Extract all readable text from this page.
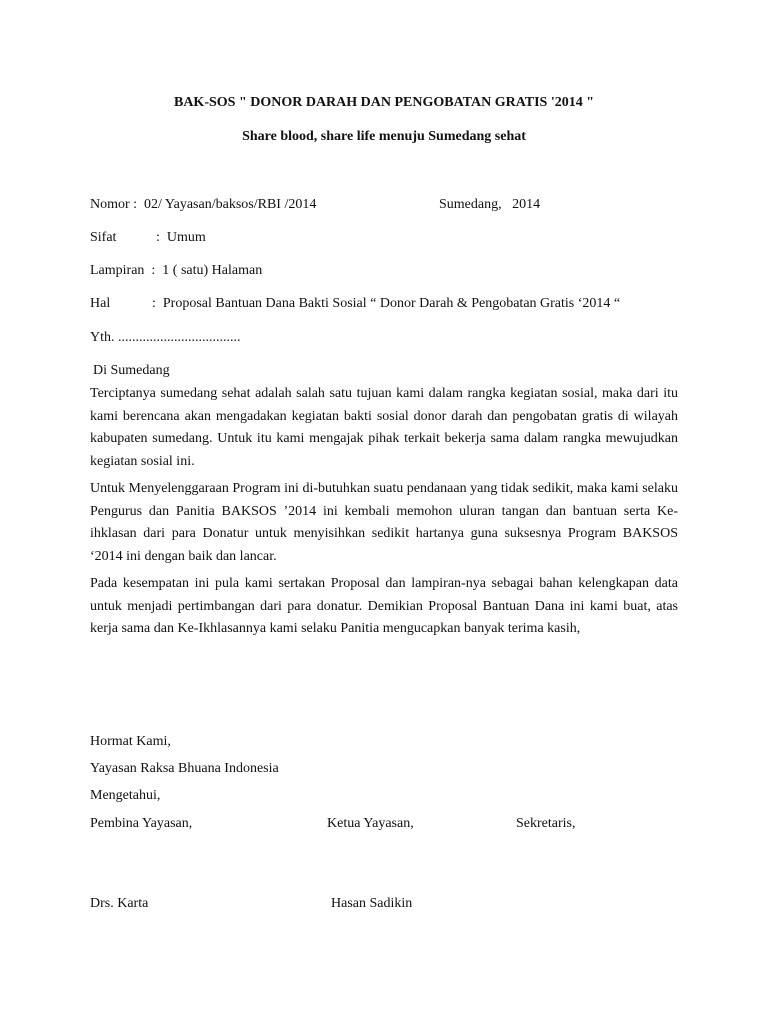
BAK-SOS " DONOR DARAH DAN PENGOBATAN GRATIS '2014 "
Share blood, share life menuju Sumedang sehat
Nomor :  02/ Yayasan/baksos/RBI /2014	Sumedang,   2014
Sifat	:  Umum
Lampiran  :  1 ( satu) Halaman
Hal	:  Proposal Bantuan Dana Bakti Sosial “ Donor Darah & Pengobatan Gratis ‘2014 “
Yth. ...................................
Di Sumedang

Terciptanya sumedang sehat adalah salah satu tujuan kami dalam rangka kegiatan sosial, maka dari itu kami berencana akan mengadakan kegiatan bakti sosial donor darah dan pengobatan gratis di wilayah kabupaten sumedang. Untuk itu kami mengajak pihak terkait bekerja sama dalam rangka mewujudkan kegiatan sosial ini.

Untuk Menyelenggaraan Program ini di-butuhkan suatu pendanaan yang tidak sedikit, maka kami selaku Pengurus dan Panitia BAKSOS ’2014 ini kembali memohon uluran tangan dan bantuan serta Ke-ihklasan dari para Donatur untuk menyisihkan sedikit hartanya guna suksesnya Program BAKSOS ‘2014 ini dengan baik dan lancar.

Pada kesempatan ini pula kami sertakan Proposal dan lampiran-nya sebagai bahan kelengkapan data untuk menjadi pertimbangan dari para donatur. Demikian Proposal Bantuan Dana ini kami buat, atas kerja sama dan Ke-Ikhlasannya kami selaku Panitia mengucapkan banyak terima kasih,

Hormat Kami,
Yayasan Raksa Bhuana Indonesia
Mengetahui,
Pembina Yayasan,	Ketua Yayasan,	Sekretaris,
Drs. Karta	Hasan Sadikin
